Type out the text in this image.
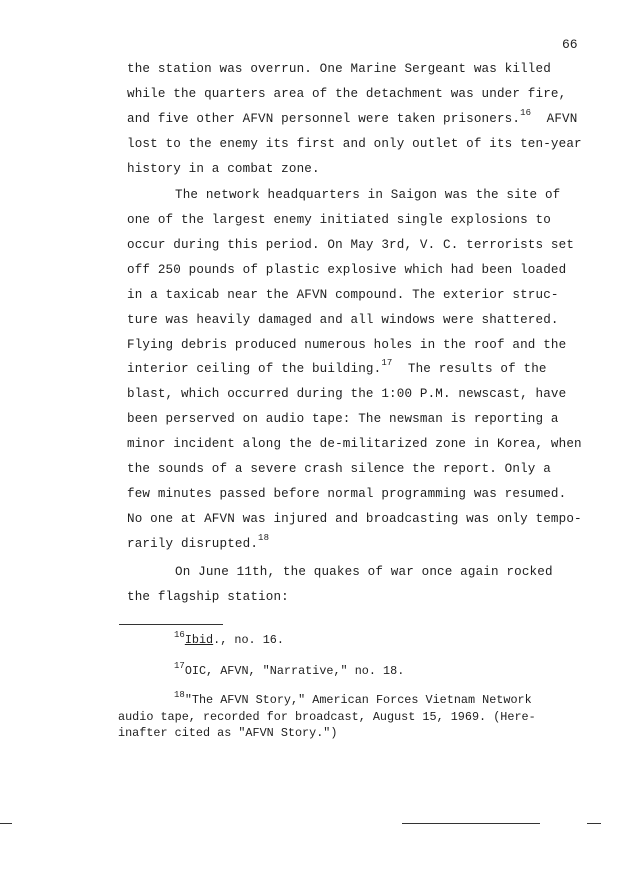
66
the station was overrun. One Marine Sergeant was killed
while the quarters area of the detachment was under fire,
and five other AFVN personnel were taken prisoners.$^{16}$ AFVN
lost to the enemy its first and only outlet of its ten-year
history in a combat zone.
The network headquarters in Saigon was the site of
one of the largest enemy initiated single explosions to
occur during this period. On May 3rd, V. C. terrorists set
off 250 pounds of plastic explosive which had been loaded
in a taxicab near the AFVN compound. The exterior struc-
ture was heavily damaged and all windows were shattered.
Flying debris produced numerous holes in the roof and the
interior ceiling of the building.$^{17}$ The results of the
blast, which occurred during the 1:00 P.M. newscast, have
been perserved on audio tape: The newsman is reporting a
minor incident along the de-militarized zone in Korea, when
the sounds of a severe crash silence the report. Only a
few minutes passed before normal programming was resumed.
No one at AFVN was injured and broadcasting was only tempo-
rarily disrupted.$^{18}$
On June 11th, the quakes of war once again rocked
the flagship station:
$^{16}$Ibid., no. 16.
$^{17}$OIC, AFVN, "Narrative," no. 18.
$^{18}$"The AFVN Story," American Forces Vietnam Network
audio tape, recorded for broadcast, August 15, 1969. (Here-
inafter cited as "AFVN Story.")
